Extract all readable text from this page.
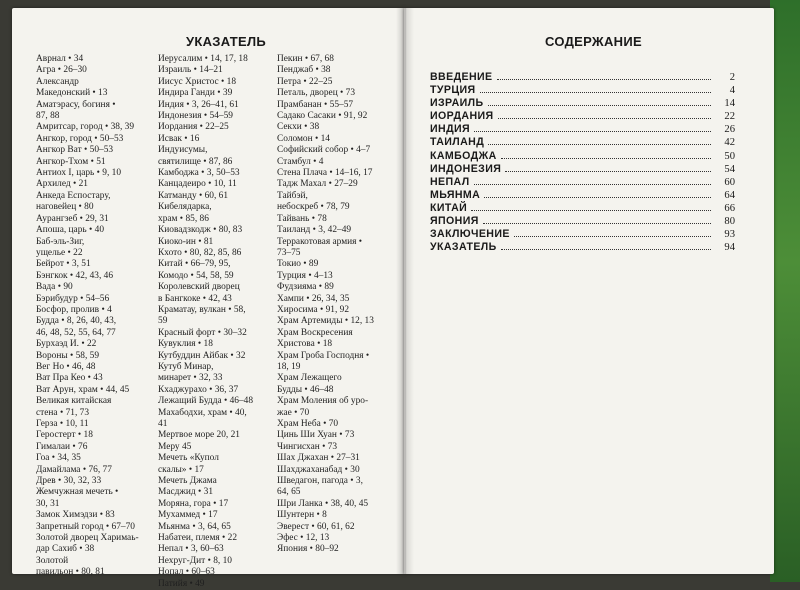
УКАЗАТЕЛЬ	СОДЕРЖАНИЕ
Аврнал • 34
Агра • 26–30
Александр
Македонский • 13
Аматэрасу, богиня •
87, 88
Амритсар, город • 38, 39
Ангкор, город • 50–53
Ангкор Ват • 50–53
Ангкор-Тхом • 51
Антиох I, царь • 9, 10
Архилед • 21
Анкеда Еспостару,
наговейец • 80
Аурангзеб • 29, 31
Апоша, царь • 40
Баб-эль-Зиг,
ущелье • 22
Бейрот • 3, 51
Бэнгкок • 42, 43, 46
Вада • 90
Бэрибудур • 54–56
Босфор, пролив • 4
Будда • 8, 26, 40, 43,
46, 48, 52, 55, 64, 77
Бурхаэд И. • 22
Вороны • 58, 59
Вег Но • 46, 48
Ват Пра Кео • 43
Ват Арун, храм • 44, 45
Великая китайская
стена • 71, 73
Герза • 10, 11
Геростерт • 18
Гималаи • 76
Гоа • 34, 35
Дамайлама • 76, 77
Древ • 30, 32, 33
Жемчужная мечеть •
30, 31
Замок Химэдзи • 83
Запретный город • 67–70
Золотой дворец Харимаь-
дар Сахиб • 38
Золотой
павильон • 80, 81
Иерусалим • 14, 17, 18
Израиль • 14–21
Иисус Христос • 18
Индира Ганди • 39
Индия • 3, 26–41, 61
Индонезия • 54–59
Иордания • 22–25
Исвак • 16
Индуисумы,
святилище • 87, 86
Камбоджа • 3, 50–53
Канцадеиро • 10, 11
Катманду • 60, 61
Кибелядарка,
храм • 85, 86
Киовадзкодж • 80, 83
Киоко-ин • 81
Кхото • 80, 82, 85, 86
Китай • 66–79, 95,
Комодо • 54, 58, 59
Королевский дворец
в Бангкоке • 42, 43
Краматау, вулкан • 58,
59
Красный форт • 30–32
Кувуклия • 18
Кутбуддин Айбак • 32
Кутуб Минар,
минарет • 32, 33
Кхаджурахо • 36, 37
Лежащий Будда • 46–48
Махабодхи, храм • 40,
41
Мертвое море 20, 21
Меру 45
Мечеть «Купол
скалы» • 17
Мечеть Джама
Масджид • 31
Моряна, гора • 17
Мухаммед • 17
Мьянма • 3, 64, 65
Набатеи, племя • 22
Непал • 3, 60–63
Нехруг-Дит • 8, 10
Нопал • 60–63
Патийя • 49
Пекин • 67, 68
Пенджаб • 38
Петра • 22–25
Петаль, дворец • 73
Прамбанан • 55–57
Садако Сасаки • 91, 92
Секхи • 38
Соломон • 14
Софийский собор • 4–7
Стамбул • 4
Стена Плача • 14–16, 17
Тадж Махал • 27–29
Тайбэй,
небоскреб • 78, 79
Тайвань • 78
Таиланд • 3, 42–49
Терракотовая армия •
73–75
Токио • 89
Турция • 4–13
Фудзияма • 89
Хампи • 26, 34, 35
Хиросима • 91, 92
Храм Артемиды • 12, 13
Храм Воскресения
Христова • 18
Храм Гроба Господня •
18, 19
Храм Лежащего
Будды • 46–48
Храм Моления об уро-
жае • 70
Храм Неба • 70
Цинь Ши Хуан • 73
Чингисхан • 73
Шах Джахан • 27–31
Шахджаханабад • 30
Шведагон, пагода • 3,
64, 65
Шри Ланка • 38, 40, 45
Шунтерн • 8
Эверест • 60, 61, 62
Эфес • 12, 13
Япония • 80–92
ВВЕДЕНИЕ	2
ТУРЦИЯ	4
ИЗРАИЛЬ	14
ИОРДАНИЯ	22
ИНДИЯ	26
ТАИЛАНД	42
КАМБОДЖА	50
ИНДОНЕЗИЯ	54
НЕПАЛ	60
МЬЯНМА	64
КИТАЙ	66
ЯПОНИЯ	80
ЗАКЛЮЧЕНИЕ	93
УКАЗАТЕЛЬ	94
